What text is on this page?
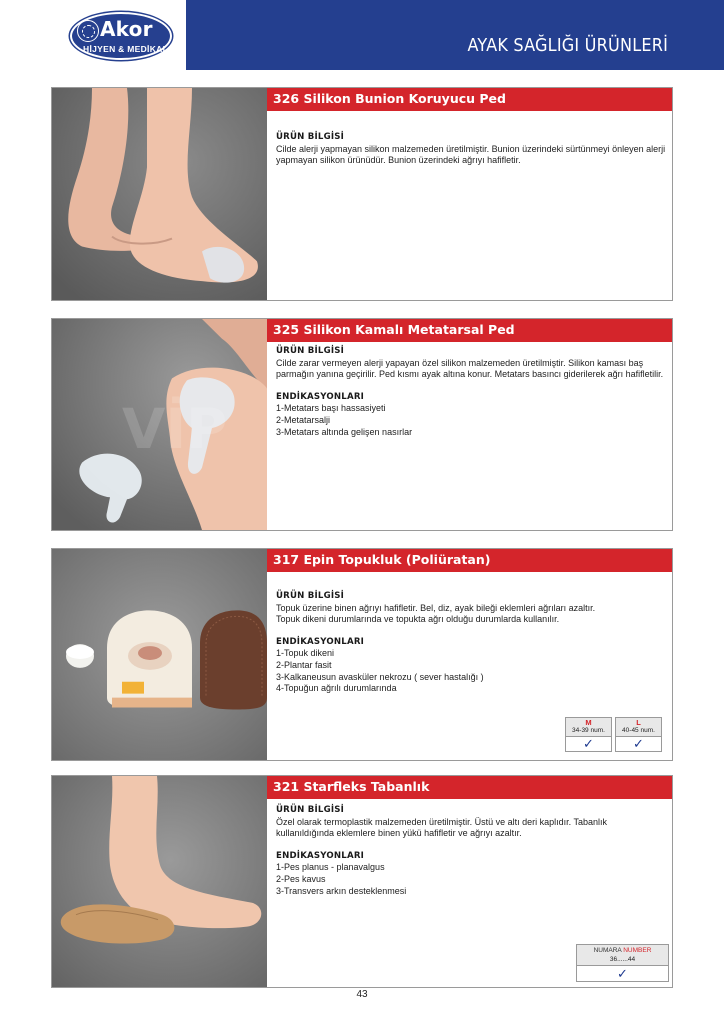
Akor
HİJYEN & MEDİKAL	AYAK SAĞLIĞI ÜRÜNLERİ
326 Silikon Bunion Koruyucu Ped
ÜRÜN BİLGİSİ
Cilde alerji yapmayan silikon malzemeden üretilmiştir. Bunion üzerindeki sürtünmeyi önleyen alerji yapmayan silikon ürünüdür. Bunion üzerindeki ağrıyı hafifletir.
VİP
325 Silikon Kamalı Metatarsal Ped
ÜRÜN BİLGİSİ
Cilde zarar vermeyen alerji yapayan özel silikon malzemeden üretilmiştir. Silikon kaması baş parmağın yanına geçirilir. Ped kısmı ayak altına konur. Metatars basıncı giderilerek ağrı hafifletilir.
ENDİKASYONLARI
1-Metatars başı hassasiyeti
2-Metatarsalji
3-Metatars altında gelişen nasırlar
317 Epin Topukluk (Poliüratan)
ÜRÜN BİLGİSİ
Topuk üzerine binen ağrıyı hafifletir. Bel, diz, ayak bileği eklemleri ağrıları azaltır.
Topuk dikeni durumlarında ve topukta ağrı olduğu durumlarda kullanılır.
ENDİKASYONLARI
1-Topuk dikeni
2-Plantar fasit
3-Kalkaneusun avasküler nekrozu ( sever hastalığı )
4-Topuğun ağrılı durumlarında
M
34-39 num.
✓
L
40-45 num.
✓
321 Starfleks Tabanlık
ÜRÜN BİLGİSİ
Özel olarak termoplastik malzemeden üretilmiştir. Üstü ve altı deri kaplıdır. Tabanlık kullanıldığında eklemlere binen yükü hafifletir ve ağrıyı azaltır.
ENDİKASYONLARI
1-Pes planus - planavalgus
2-Pes kavus
3-Transvers arkın desteklenmesi
NUMARA NUMBER
36......44
✓
43
